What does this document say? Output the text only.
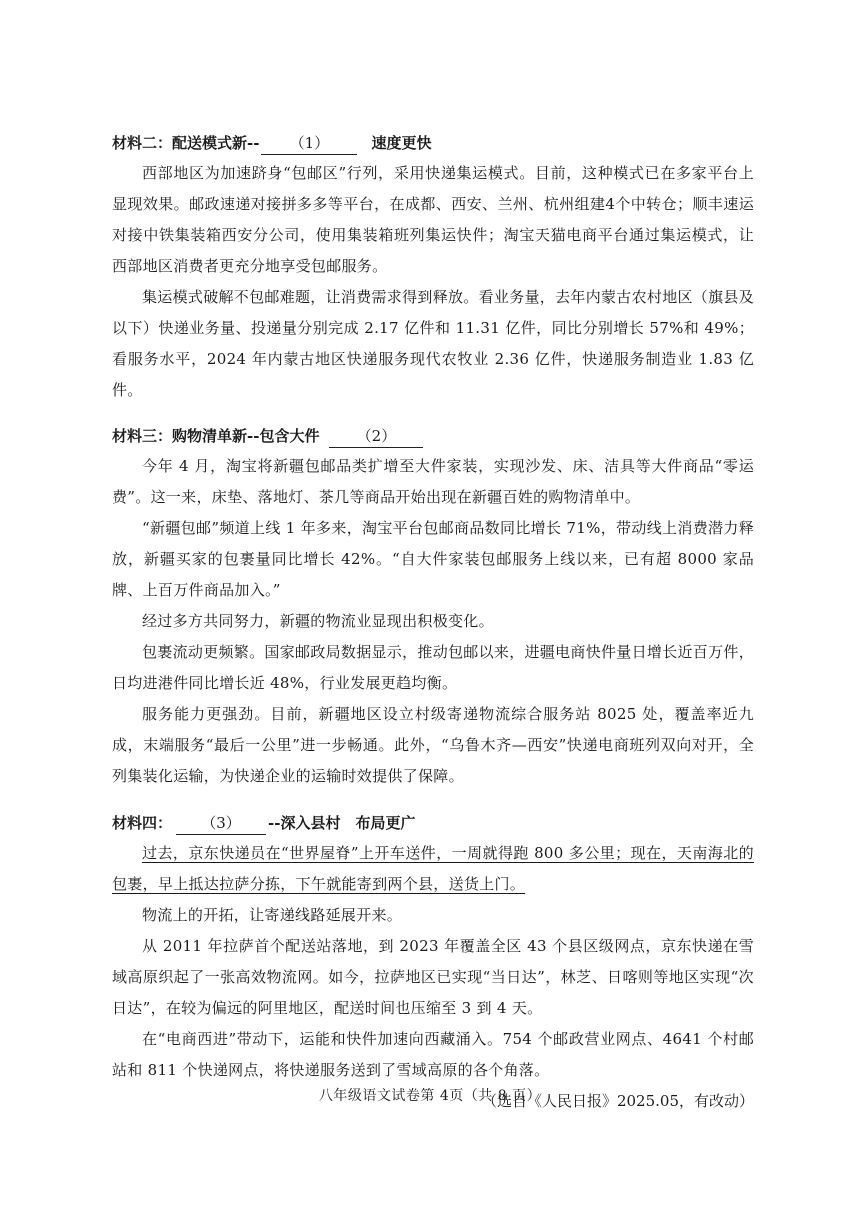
材料二：配送模式新-- （1）	速度更快

西部地区为加速跻身“包邮区”行列，采用快递集运模式。目前，这种模式已在多家平台上显现效果。邮政速递对接拼多多等平台，在成都、西安、兰州、杭州组建4个中转仓；顺丰速运对接中铁集装箱西安分公司，使用集装箱班列集运快件；淘宝天猫电商平台通过集运模式，让西部地区消费者更充分地享受包邮服务。

集运模式破解不包邮难题，让消费需求得到释放。看业务量，去年内蒙古农村地区（旗县及以下）快递业务量、投递量分别完成 2.17 亿件和 11.31 亿件，同比分别增长 57%和 49%；看服务水平，2024 年内蒙古地区快递服务现代农牧业 2.36 亿件，快递服务制造业 1.83 亿件。

材料三：购物清单新--包含大件 （2）

今年 4 月，淘宝将新疆包邮品类扩增至大件家装，实现沙发、床、洁具等大件商品“零运费”。这一来，床垫、落地灯、茶几等商品开始出现在新疆百姓的购物清单中。

“新疆包邮”频道上线 1 年多来，淘宝平台包邮商品数同比增长 71%，带动线上消费潜力释放，新疆买家的包裹量同比增长 42%。“自大件家装包邮服务上线以来，已有超 8000 家品牌、上百万件商品加入。”

经过多方共同努力，新疆的物流业显现出积极变化。

包裹流动更频繁。国家邮政局数据显示，推动包邮以来，进疆电商快件量日增长近百万件，日均进港件同比增长近 48%，行业发展更趋均衡。

服务能力更强劲。目前，新疆地区设立村级寄递物流综合服务站 8025 处，覆盖率近九成，末端服务“最后一公里”进一步畅通。此外，“乌鲁木齐—西安”快递电商班列双向对开，全列集装化运输，为快递企业的运输时效提供了保障。

材料四： （3） --深入县村　布局更广

过去，京东快递员在“世界屋脊”上开车送件，一周就得跑 800 多公里；现在，天南海北的包裹，早上抵达拉萨分拣，下午就能寄到两个县，送货上门。

物流上的开拓，让寄递线路延展开来。

从 2011 年拉萨首个配送站落地，到 2023 年覆盖全区 43 个县区级网点，京东快递在雪域高原织起了一张高效物流网。如今，拉萨地区已实现“当日达”，林芝、日喀则等地区实现“次日达”，在较为偏远的阿里地区，配送时间也压缩至 3 到 4 天。

在“电商西进”带动下，运能和快件加速向西藏涌入。754 个邮政营业网点、4641 个村邮站和 811 个快递网点，将快递服务送到了雪域高原的各个角落。

（选自《人民日报》2025.05，有改动）

八年级语文试卷第 4页（共 8 页）
